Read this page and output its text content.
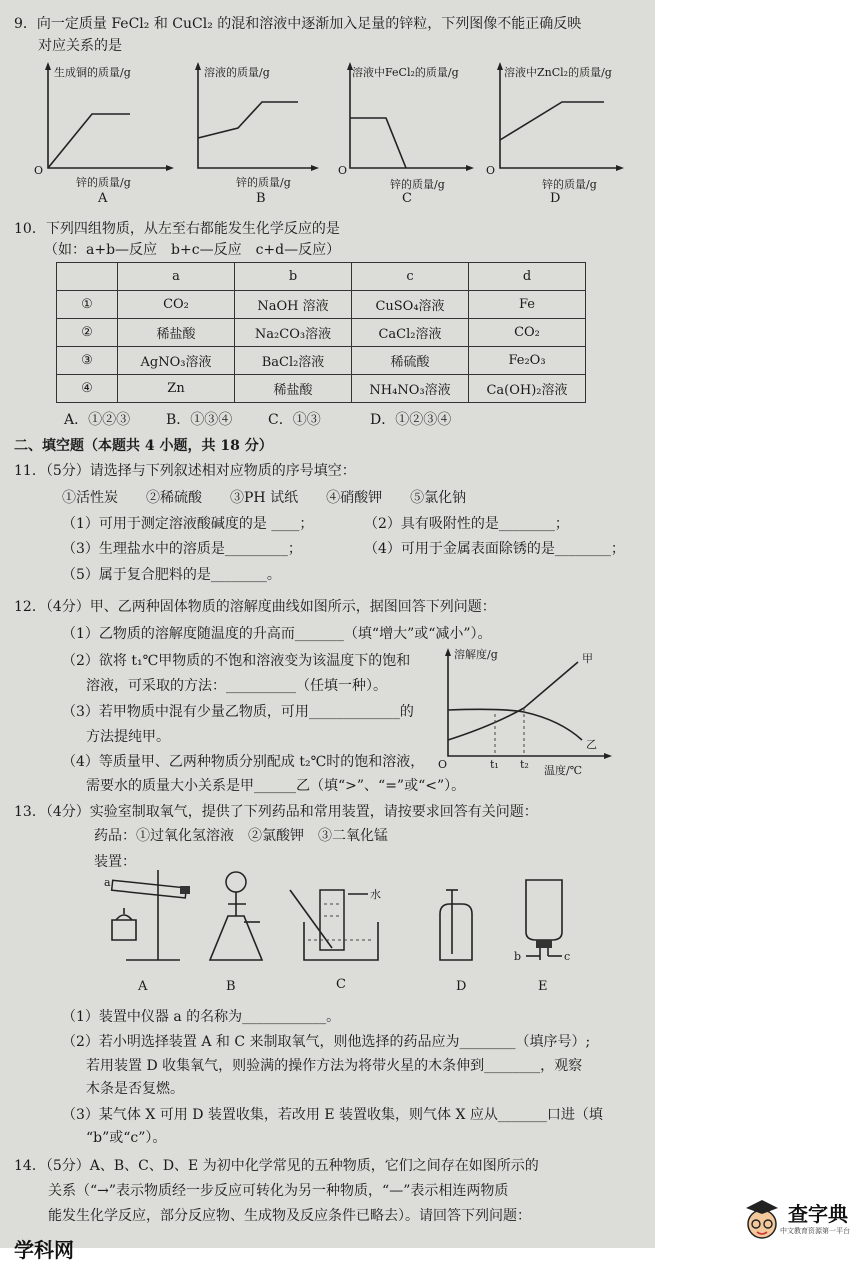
9．向一定质量 FeCl₂ 和 CuCl₂ 的混和溶液中逐渐加入足量的锌粒，下列图像不能正确反映
对应关系的是
生成铜的质量/g
O
锌的质量/g
A
溶液的质量/g
锌的质量/g
B
溶液中FeCl₂的质量/g
O
锌的质量/g
C
溶液中ZnCl₂的质量/g
O
锌的质量/g
D
10．下列四组物质，从左至右都能发生化学反应的是
（如：a+b—反应　b+c—反应　c+d—反应）
	a	b	c	d
①	CO₂	NaOH 溶液	CuSO₄溶液	Fe
②	稀盐酸	Na₂CO₃溶液	CaCl₂溶液	CO₂
③	AgNO₃溶液	BaCl₂溶液	稀硫酸	Fe₂O₃
④	Zn	稀盐酸	NH₄NO₃溶液	Ca(OH)₂溶液
A．①②③	B．①③④	C．①③	D．①②③④
二、填空题（本题共 4 小题，共 18 分）
11．（5分）请选择与下列叙述相对应物质的序号填空：
①活性炭　　②稀硫酸　　③PH 试纸　　④硝酸钾　　⑤氯化钠
（1）可用于测定溶液酸碱度的是 ____；	（2）具有吸附性的是________；
（3）生理盐水中的溶质是_________；	（4）可用于金属表面除锈的是________；
（5）属于复合肥料的是________。
12．（4分）甲、乙两种固体物质的溶解度曲线如图所示，据图回答下列问题：
（1）乙物质的溶解度随温度的升高而_______（填“增大”或“减小”）。
（2）欲将 t₁℃甲物质的不饱和溶液变为该温度下的饱和
溶液，可采取的方法：__________（任填一种）。
（3）若甲物质中混有少量乙物质，可用_____________的
方法提纯甲。
（4）等质量甲、乙两种物质分别配成 t₂℃时的饱和溶液，
需要水的质量大小关系是甲______乙（填“>”、“=”或“<”）。
溶解度/g	甲
乙
O	t₁ t₂ 温度/℃
13．（4分）实验室制取氧气，提供了下列药品和常用装置，请按要求回答有关问题：
药品：①过氧化氢溶液　②氯酸钾　③二氧化锰
装置：
a
水
b	c
A	B	C	D	E
（1）装置中仪器 a 的名称为____________。
（2）若小明选择装置 A 和 C 来制取氧气，则他选择的药品应为________（填序号）;
若用装置 D 收集氧气，则验满的操作方法为将带火星的木条伸到________，观察
木条是否复燃。
（3）某气体 X 可用 D 装置收集，若改用 E 装置收集，则气体 X 应从_______口进（填
“b”或“c”）。
14．（5分）A、B、C、D、E 为初中化学常见的五种物质，它们之间存在如图所示的
关系（“→”表示物质经一步反应可转化为另一种物质，“—”表示相连两物质
能发生化学反应，部分反应物、生成物及反应条件已略去）。请回答下列问题：
学科网
查字典
中文教育资源第一平台
